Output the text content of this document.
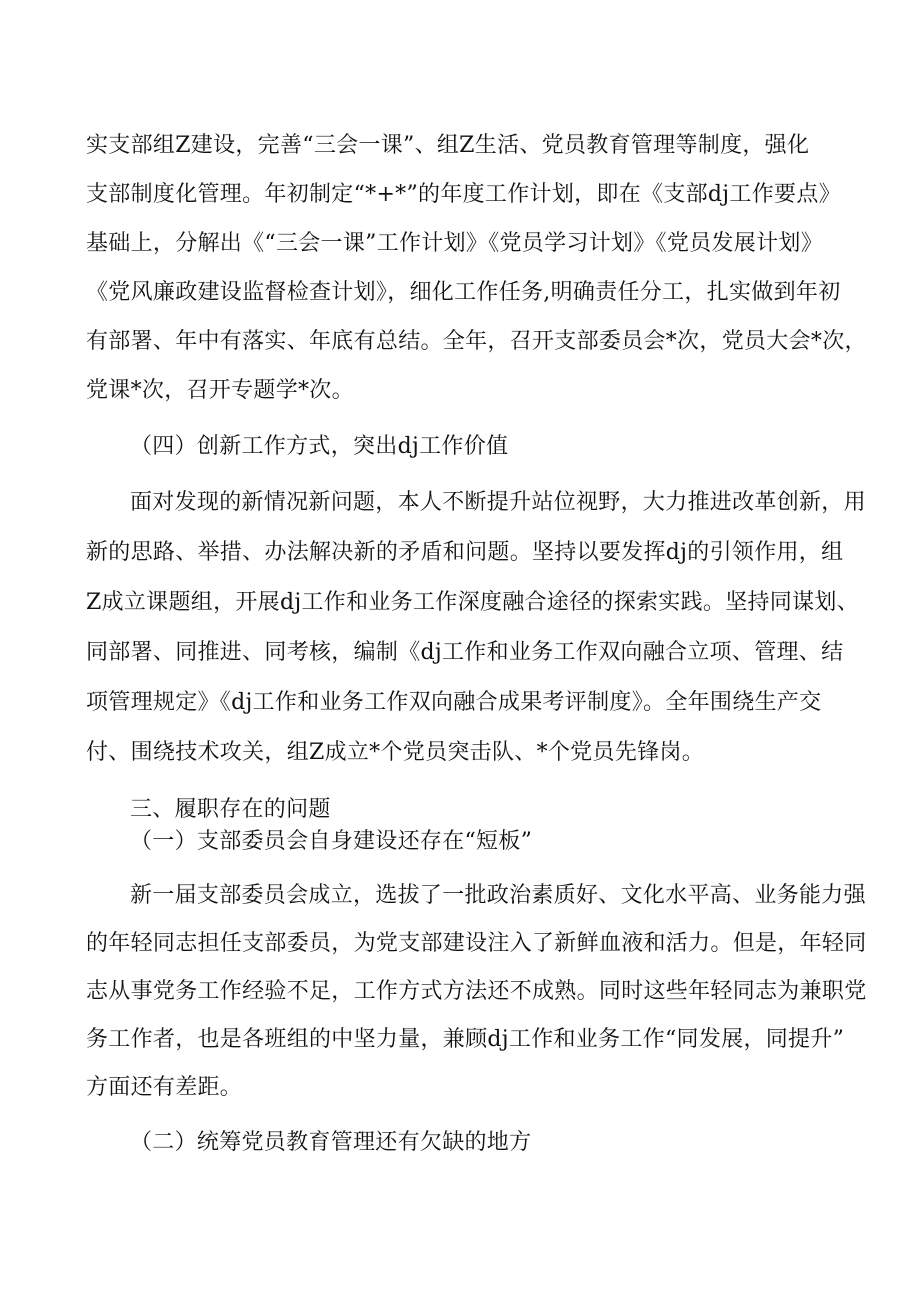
实支部组Z建设，完善“三会一课”、组Z生活、党员教育管理等制度，强化
支部制度化管理。年初制定“*+*”的年度工作计划，即在《支部dj工作要点》
基础上，分解出《“三会一课”工作计划》《党员学习计划》《党员发展计划》
《党风廉政建设监督检查计划》，细化工作任务,明确责任分工，扎实做到年初
有部署、年中有落实、年底有总结。全年，召开支部委员会*次，党员大会*次，
党课*次，召开专题学*次。
（四）创新工作方式，突出dj工作价值
面对发现的新情况新问题，本人不断提升站位视野，大力推进改革创新，用
新的思路、举措、办法解决新的矛盾和问题。坚持以要发挥dj的引领作用，组
Z成立课题组，开展dj工作和业务工作深度融合途径的探索实践。坚持同谋划、
同部署、同推进、同考核，编制《dj工作和业务工作双向融合立项、管理、结
项管理规定》《dj工作和业务工作双向融合成果考评制度》。全年围绕生产交
付、围绕技术攻关，组Z成立*个党员突击队、*个党员先锋岗。
三、履职存在的问题
（一）支部委员会自身建设还存在“短板”
新一届支部委员会成立，选拔了一批政治素质好、文化水平高、业务能力强
的年轻同志担任支部委员，为党支部建设注入了新鲜血液和活力。但是，年轻同
志从事党务工作经验不足，工作方式方法还不成熟。同时这些年轻同志为兼职党
务工作者，也是各班组的中坚力量，兼顾dj工作和业务工作“同发展，同提升”
方面还有差距。
（二）统筹党员教育管理还有欠缺的地方
